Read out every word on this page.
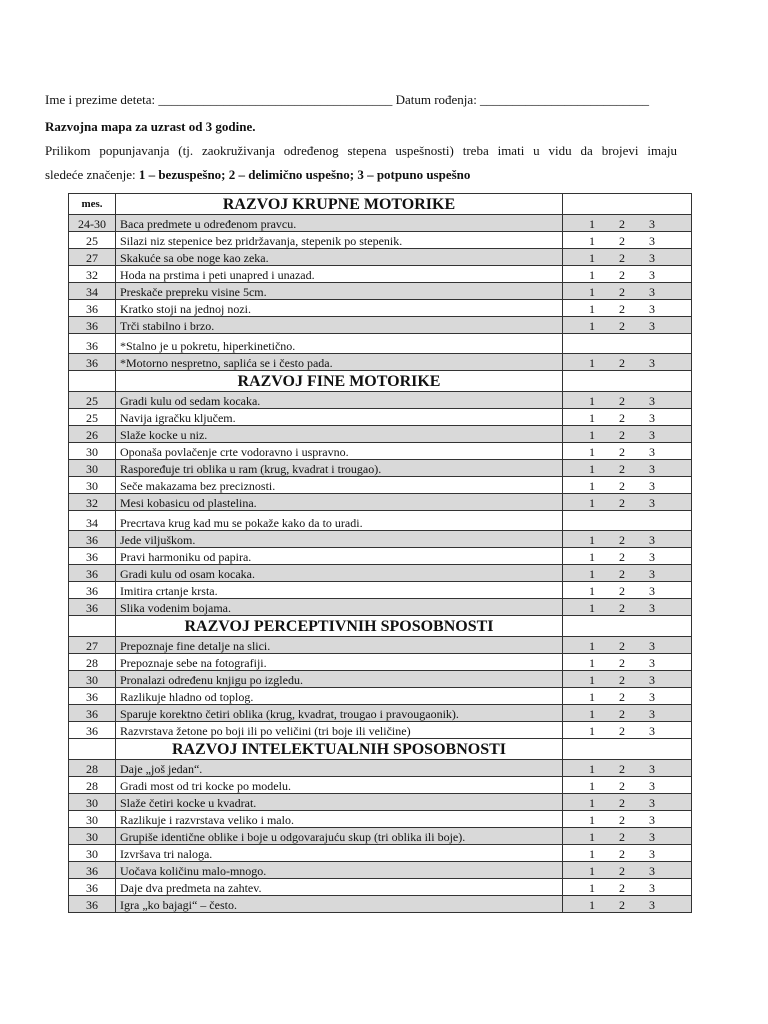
Ime i prezime deteta: ____________________________________ Datum rođenja: __________________________
Razvojna mapa za uzrast od 3 godine.
Prilikom popunjavanja (tj. zaokruživanja određenog stepena uspešnosti) treba imati u vidu da brojevi imaju
sledeće značenje: 1 – bezuspešno; 2 – delimično uspešno; 3 – potpuno uspešno
mes.	RAZVOJ KRUPNE MOTORIKE	
24-30	Baca predmete u određenom pravcu.	1 2 3

25	Silazi niz stepenice bez pridržavanja, stepenik po stepenik.	1 2 3

27	Skakuće sa obe noge kao zeka.	1 2 3

32	Hoda na prstima i peti unapred i unazad.	1 2 3

34	Preskače prepreku visine 5cm.	1 2 3

36	Kratko stoji na jednoj nozi.	1 2 3

36	Trči stabilno i brzo.	1 2 3

36	*Stalno je u pokretu, hiperkinetično.	
36	*Motorno nespretno, saplića se i često pada.	1 2 3

	RAZVOJ FINE MOTORIKE	
25	Gradi kulu od sedam kocaka.	1 2 3

25	Navija igračku ključem.	1 2 3

26	Slaže kocke u niz.	1 2 3

30	Oponaša povlačenje crte vodoravno i uspravno.	1 2 3

30	Raspoređuje tri oblika u ram (krug, kvadrat i trougao).	1 2 3

30	Seče makazama bez preciznosti.	1 2 3

32	Mesi kobasicu od plastelina.	1 2 3

34	Precrtava krug kad mu se pokaže kako da to uradi.	
36	Jede viljuškom.	1 2 3

36	Pravi harmoniku od papira.	1 2 3

36	Gradi kulu od osam kocaka.	1 2 3

36	Imitira crtanje krsta.	1 2 3

36	Slika vodenim bojama.	1 2 3

	RAZVOJ PERCEPTIVNIH SPOSOBNOSTI	
27	Prepoznaje fine detalje na slici.	1 2 3

28	Prepoznaje sebe na fotografiji.	1 2 3

30	Pronalazi određenu knjigu po izgledu.	1 2 3

36	Razlikuje hladno od toplog.	1 2 3

36	Sparuje korektno četiri oblika (krug, kvadrat, trougao i pravougaonik).	1 2 3

36	Razvrstava žetone po boji ili po veličini (tri boje ili veličine)	1 2 3

	RAZVOJ INTELEKTUALNIH SPOSOBNOSTI	
28	Daje „još jedan“.	1 2 3

28	Gradi most od tri kocke po modelu.	1 2 3

30	Slaže četiri kocke u kvadrat.	1 2 3

30	Razlikuje i razvrstava veliko i malo.	1 2 3

30	Grupiše identične oblike i boje u odgovarajuću skup (tri oblika ili boje).	1 2 3

30	Izvršava tri naloga.	1 2 3

36	Uočava količinu malo-mnogo.	1 2 3

36	Daje dva predmeta na zahtev.	1 2 3

36	Igra „ko bajagi“ – često.	1 2 3
